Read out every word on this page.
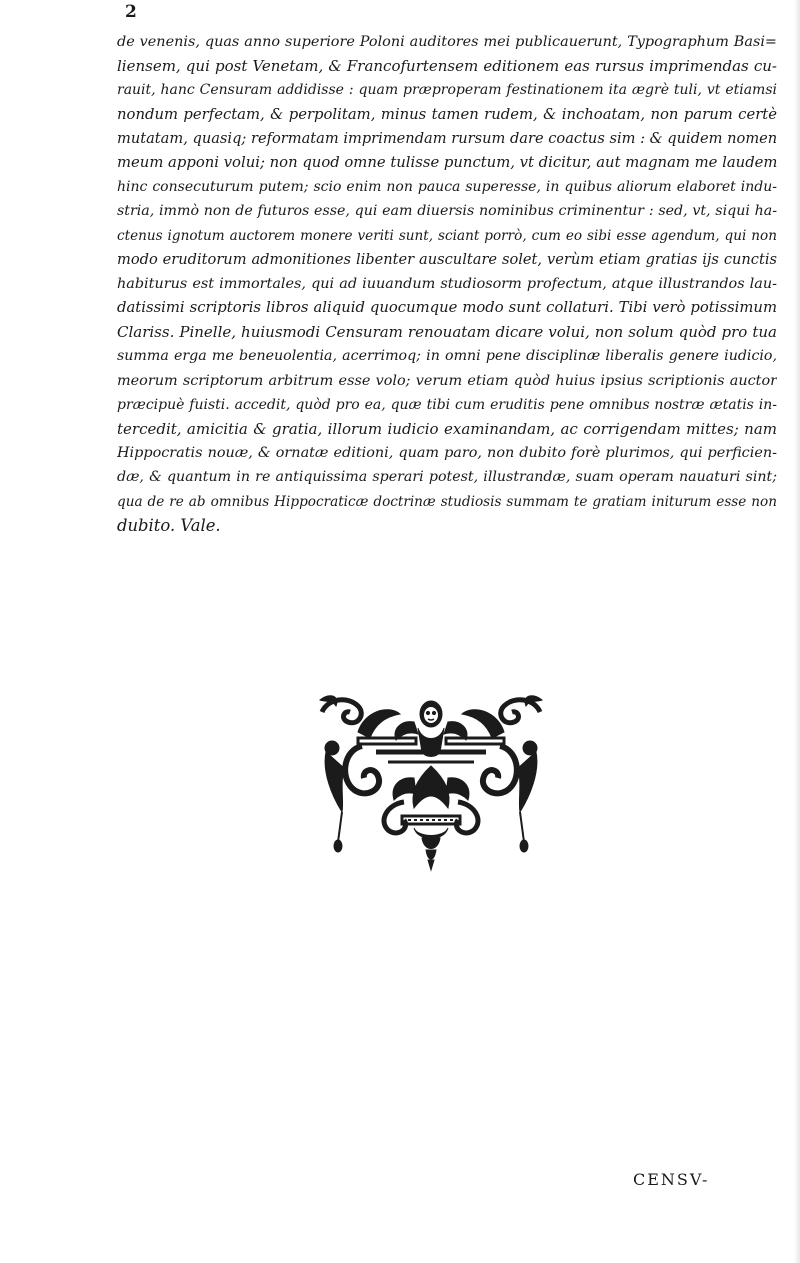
2
de venenis, quas anno superiore Poloni auditores mei publicauerunt, Typographum Basi=
liensem, qui post Venetam, & Francofurtensem editionem eas rursus imprimendas cu-
rauit, hanc Censuram addidisse : quam præproperam festinationem ita ægrè tuli, vt etiamsi
nondum perfectam, & perpolitam, minus tamen rudem, & inchoatam, non parum certè
mutatam, quasiq; reformatam imprimendam rursum dare coactus sim : & quidem nomen
meum apponi volui; non quod omne tulisse punctum, vt dicitur, aut magnam me laudem
hinc consecuturum putem; scio enim non pauca superesse, in quibus aliorum elaboret indu-
stria, immò non de futuros esse, qui eam diuersis nominibus criminentur : sed, vt, siqui ha-
ctenus ignotum auctorem monere veriti sunt, sciant porrò, cum eo sibi esse agendum, qui non
modo eruditorum admonitiones libenter auscultare solet, verùm etiam gratias ijs cunctis
habiturus est immortales, qui ad iuuandum studiosorm profectum, atque illustrandos lau-
datissimi scriptoris libros aliquid quocumque modo sunt collaturi. Tibi verò potissimum
Clariss. Pinelle, huiusmodi Censuram renouatam dicare volui, non solum quòd pro tua
summa erga me beneuolentia, acerrimoq; in omni pene disciplinæ liberalis genere iudicio,
meorum scriptorum arbitrum esse volo; verum etiam quòd huius ipsius scriptionis auctor
præcipuè fuisti. accedit, quòd pro ea, quæ tibi cum eruditis pene omnibus nostræ ætatis in-
tercedit, amicitia & gratia, illorum iudicio examinandam, ac corrigendam mittes; nam
Hippocratis nouæ, & ornatæ editioni, quam paro, non dubito forè plurimos, qui perficien-
dæ, & quantum in re antiquissima sperari potest, illustrandæ, suam operam nauaturi sint;
qua de re ab omnibus Hippocraticæ doctrinæ studiosis summam te gratiam initurum esse non
dubito. Vale.
CENSV-
